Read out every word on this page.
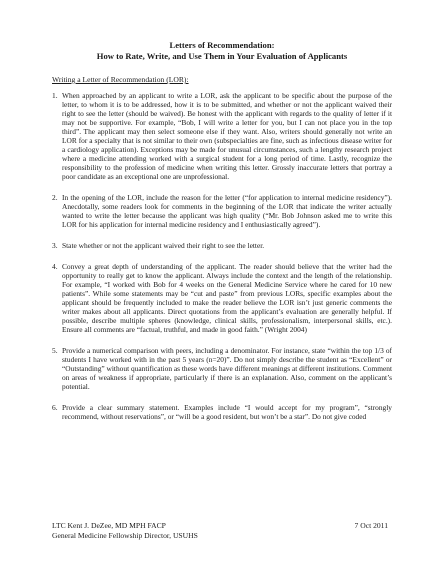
Letters of Recommendation:
How to Rate, Write, and Use Them in Your Evaluation of Applicants
Writing a Letter of Recommendation (LOR):
1. When approached by an applicant to write a LOR, ask the applicant to be specific about the purpose of the letter, to whom it is to be addressed, how it is to be submitted, and whether or not the applicant waived their right to see the letter (should be waived). Be honest with the applicant with regards to the quality of letter if it may not be supportive. For example, “Bob, I will write a letter for you, but I can not place you in the top third”. The applicant may then select someone else if they want. Also, writers should generally not write an LOR for a specialty that is not similar to their own (subspecialties are fine, such as infectious disease writer for a cardiology application). Exceptions may be made for unusual circumstances, such a lengthy research project where a medicine attending worked with a surgical student for a long period of time. Lastly, recognize the responsibility to the profession of medicine when writing this letter. Grossly inaccurate letters that portray a poor candidate as an exceptional one are unprofessional.
2. In the opening of the LOR, include the reason for the letter (“for application to internal medicine residency”). Anecdotally, some readers look for comments in the beginning of the LOR that indicate the writer actually wanted to write the letter because the applicant was high quality (“Mr. Bob Johnson asked me to write this LOR for his application for internal medicine residency and I enthusiastically agreed”).
3. State whether or not the applicant waived their right to see the letter.
4. Convey a great depth of understanding of the applicant. The reader should believe that the writer had the opportunity to really get to know the applicant. Always include the context and the length of the relationship. For example, “I worked with Bob for 4 weeks on the General Medicine Service where he cared for 10 new patients”. While some statements may be “cut and paste” from previous LORs, specific examples about the applicant should be frequently included to make the reader believe the LOR isn’t just generic comments the writer makes about all applicants. Direct quotations from the applicant’s evaluation are generally helpful. If possible, describe multiple spheres (knowledge, clinical skills, professionalism, interpersonal skills, etc.). Ensure all comments are “factual, truthful, and made in good faith.” (Wright 2004)
5. Provide a numerical comparison with peers, including a denominator. For instance, state “within the top 1/3 of students I have worked with in the past 5 years (n=20)”. Do not simply describe the student as “Excellent” or “Outstanding” without quantification as these words have different meanings at different institutions. Comment on areas of weakness if appropriate, particularly if there is an explanation. Also, comment on the applicant’s potential.
6. Provide a clear summary statement. Examples include “I would accept for my program”, “strongly recommend, without reservations”, or “will be a good resident, but won’t be a star”. Do not give coded
LTC Kent J. DeZee, MD MPH FACP
General Medicine Fellowship Director, USUHS
7 Oct 2011
